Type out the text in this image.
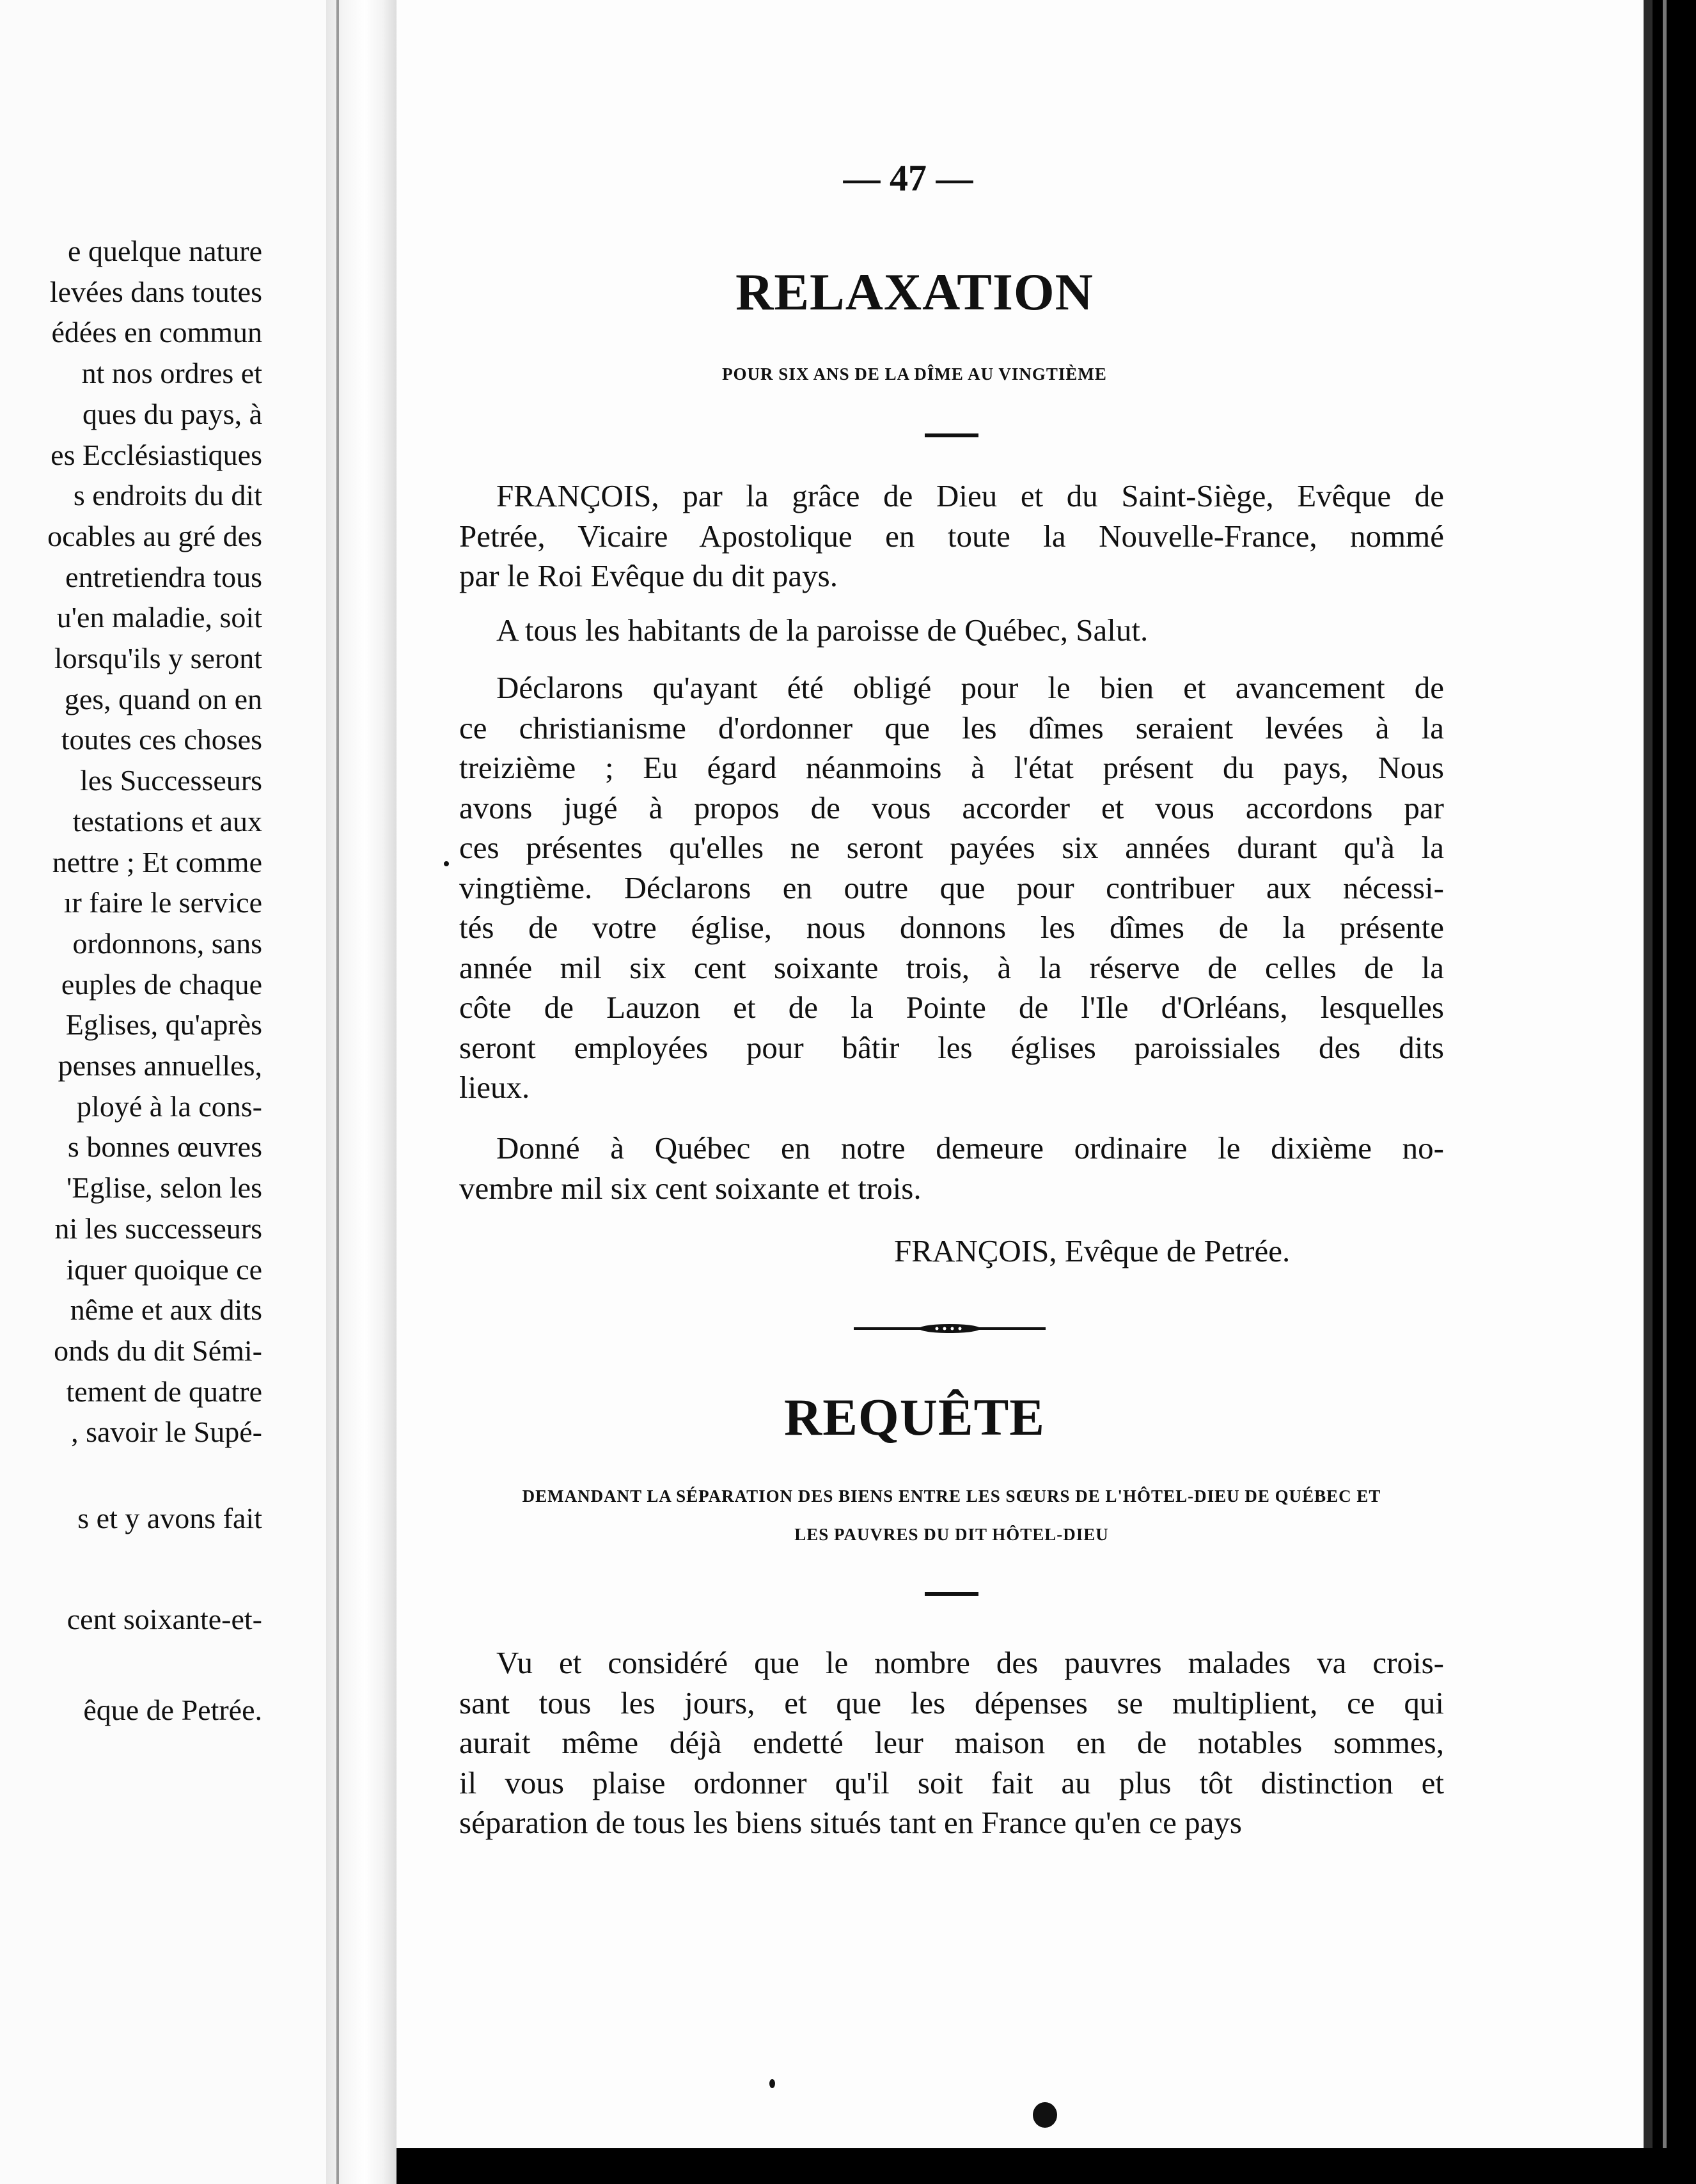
e quelque nature
levées dans toutes
édées en commun
nt nos ordres et
ques du pays, à
es Ecclésiastiques
s endroits du dit
ocables au gré des
entretiendra tous
u'en maladie, soit
lorsqu'ils y seront
ges, quand on en
toutes ces choses
les Successeurs
testations et aux
nettre ; Et comme
ır faire le service
ordonnons, sans
euples de chaque
Eglises, qu'après
penses annuelles,
ployé à la cons-
s bonnes œuvres
'Eglise, selon les
ni les successeurs
iquer quoique ce
nême et aux dits
onds du dit Sémi-
tement de quatre
, savoir le Supé-
s et y avons fait
cent soixante-et-
êque de Petrée.
— 47 —
RELAXATION
POUR SIX ANS DE LA DÎME AU VINGTIÈME
FRANÇOIS, par la grâce de Dieu et du Saint-Siège, Evêque de
Petrée, Vicaire Apostolique en toute la Nouvelle-France, nommé
par le Roi Evêque du dit pays.
A tous les habitants de la paroisse de Québec, Salut.
Déclarons qu'ayant été obligé pour le bien et avancement de
ce christianisme d'ordonner que les dîmes seraient levées à la
treizième ; Eu égard néanmoins à l'état présent du pays, Nous
avons jugé à propos de vous accorder et vous accordons par
ces présentes qu'elles ne seront payées six années durant qu'à la
vingtième. Déclarons en outre que pour contribuer aux nécessi-
tés de votre église, nous donnons les dîmes de la présente
année mil six cent soixante trois, à la réserve de celles de la
côte de Lauzon et de la Pointe de l'Ile d'Orléans, lesquelles
seront employées pour bâtir les églises paroissiales des dits
lieux.
Donné à Québec en notre demeure ordinaire le dixième no-
vembre mil six cent soixante et trois.
FRANÇOIS, Evêque de Petrée.
REQUÊTE
DEMANDANT LA SÉPARATION DES BIENS ENTRE LES SŒURS DE L'HÔTEL-DIEU DE QUÉBEC ET
LES PAUVRES DU DIT HÔTEL-DIEU
Vu et considéré que le nombre des pauvres malades va crois-
sant tous les jours, et que les dépenses se multiplient, ce qui
aurait même déjà endetté leur maison en de notables sommes,
il vous plaise ordonner qu'il soit fait au plus tôt distinction et
séparation de tous les biens situés tant en France qu'en ce pays
